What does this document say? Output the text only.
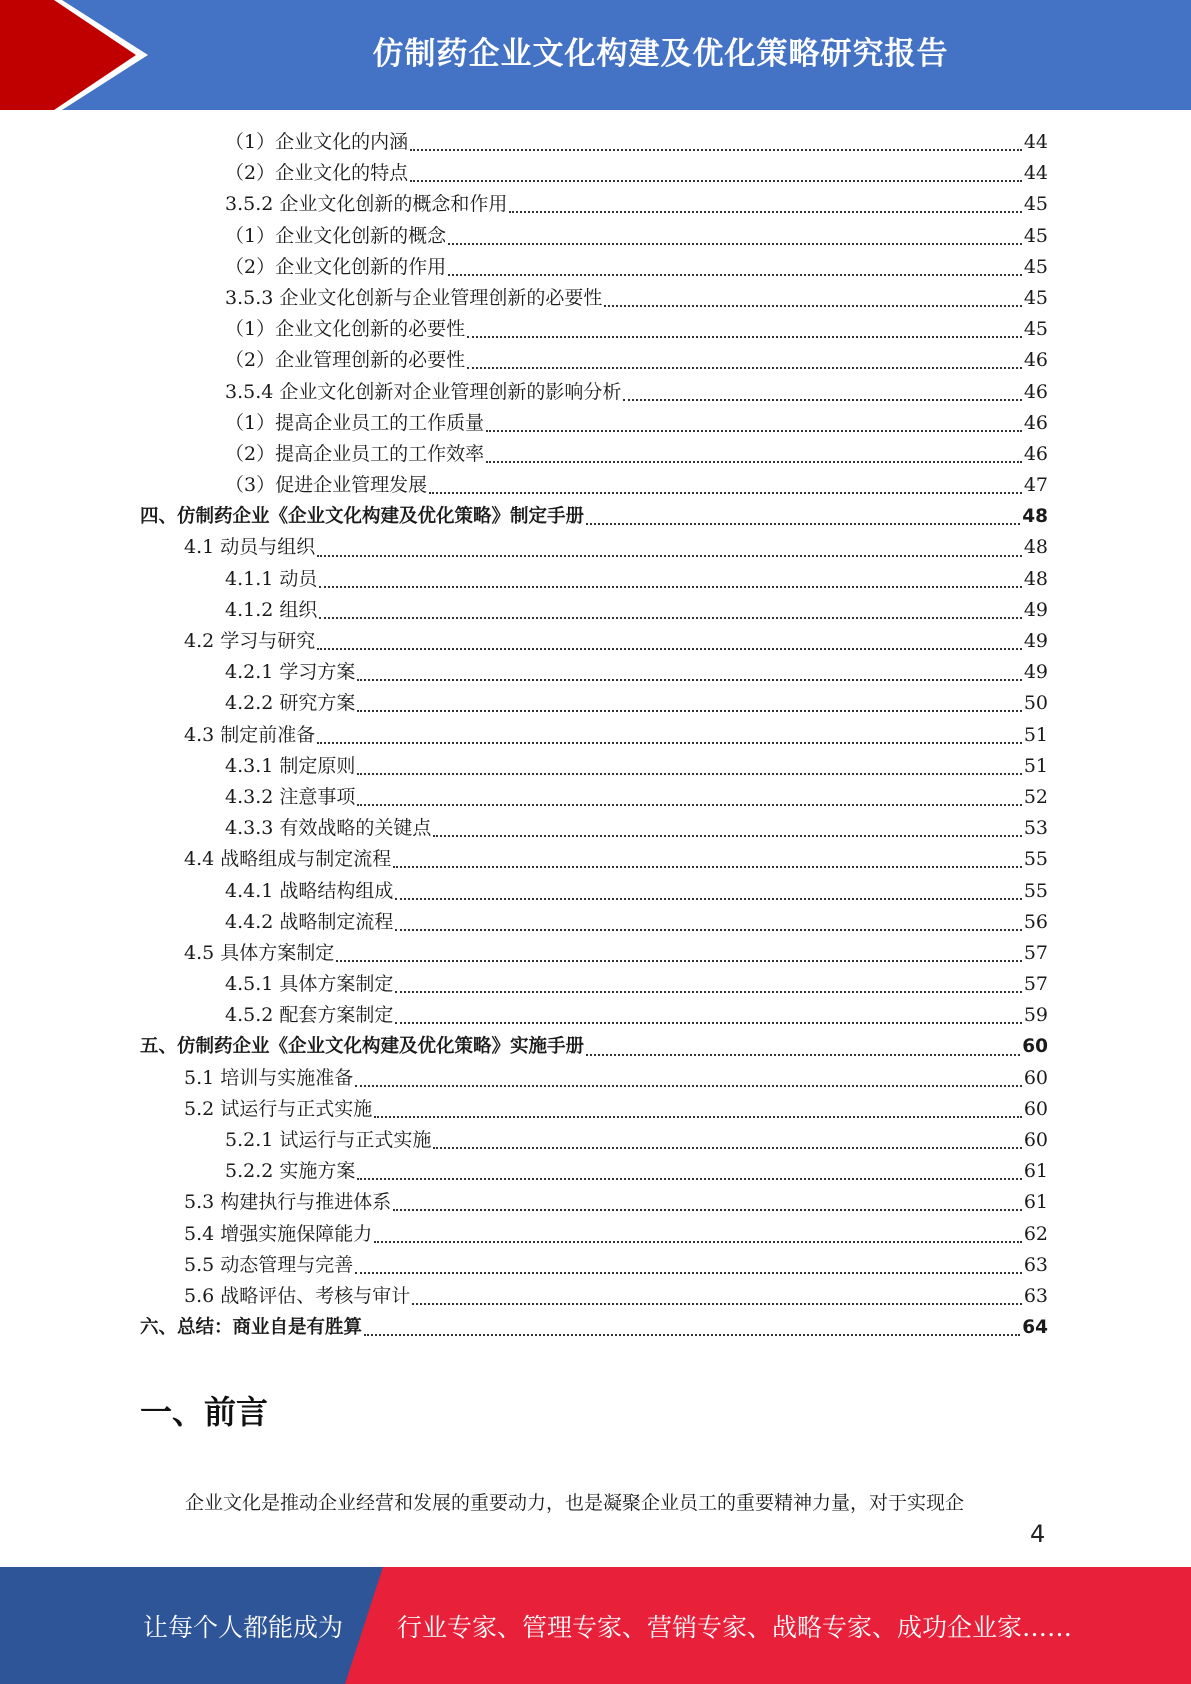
仿制药企业文化构建及优化策略研究报告
（1）企业文化的内涵	44
（2）企业文化的特点	44
3.5.2 企业文化创新的概念和作用	45
（1）企业文化创新的概念	45
（2）企业文化创新的作用	45
3.5.3 企业文化创新与企业管理创新的必要性	45
（1）企业文化创新的必要性	45
（2）企业管理创新的必要性	46
3.5.4 企业文化创新对企业管理创新的影响分析	46
（1）提高企业员工的工作质量	46
（2）提高企业员工的工作效率	46
（3）促进企业管理发展	47
四、仿制药企业《企业文化构建及优化策略》制定手册	48
4.1 动员与组织	48
4.1.1 动员	48
4.1.2 组织	49
4.2 学习与研究	49
4.2.1 学习方案	49
4.2.2 研究方案	50
4.3 制定前准备	51
4.3.1 制定原则	51
4.3.2 注意事项	52
4.3.3 有效战略的关键点	53
4.4 战略组成与制定流程	55
4.4.1 战略结构组成	55
4.4.2 战略制定流程	56
4.5 具体方案制定	57
4.5.1 具体方案制定	57
4.5.2 配套方案制定	59
五、仿制药企业《企业文化构建及优化策略》实施手册	60
5.1 培训与实施准备	60
5.2 试运行与正式实施	60
5.2.1 试运行与正式实施	60
5.2.2 实施方案	61
5.3 构建执行与推进体系	61
5.4 增强实施保障能力	62
5.5 动态管理与完善	63
5.6 战略评估、考核与审计	63
六、总结：商业自是有胜算	64
一、前言
企业文化是推动企业经营和发展的重要动力，也是凝聚企业员工的重要精神力量，对于实现企
4
让每个人都能成为 行业专家、管理专家、营销专家、战略专家、成功企业家……
